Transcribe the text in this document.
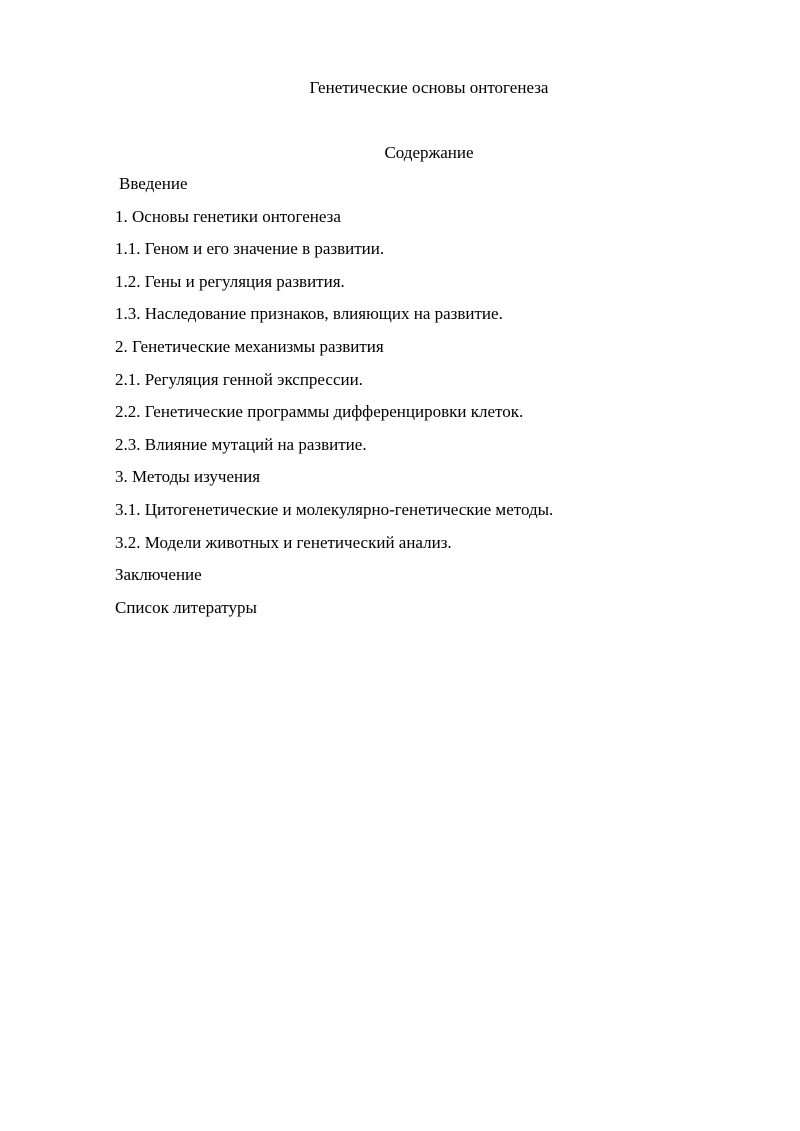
Генетические основы онтогенеза
Содержание
Введение
1. Основы генетики онтогенеза
1.1. Геном и его значение в развитии.
1.2. Гены и регуляция развития.
1.3. Наследование признаков, влияющих на развитие.
2. Генетические механизмы развития
2.1. Регуляция генной экспрессии.
2.2. Генетические программы дифференцировки клеток.
2.3. Влияние мутаций на развитие.
3. Методы изучения
3.1. Цитогенетические и молекулярно-генетические методы.
3.2. Модели животных и генетический анализ.
Заключение
Список литературы
